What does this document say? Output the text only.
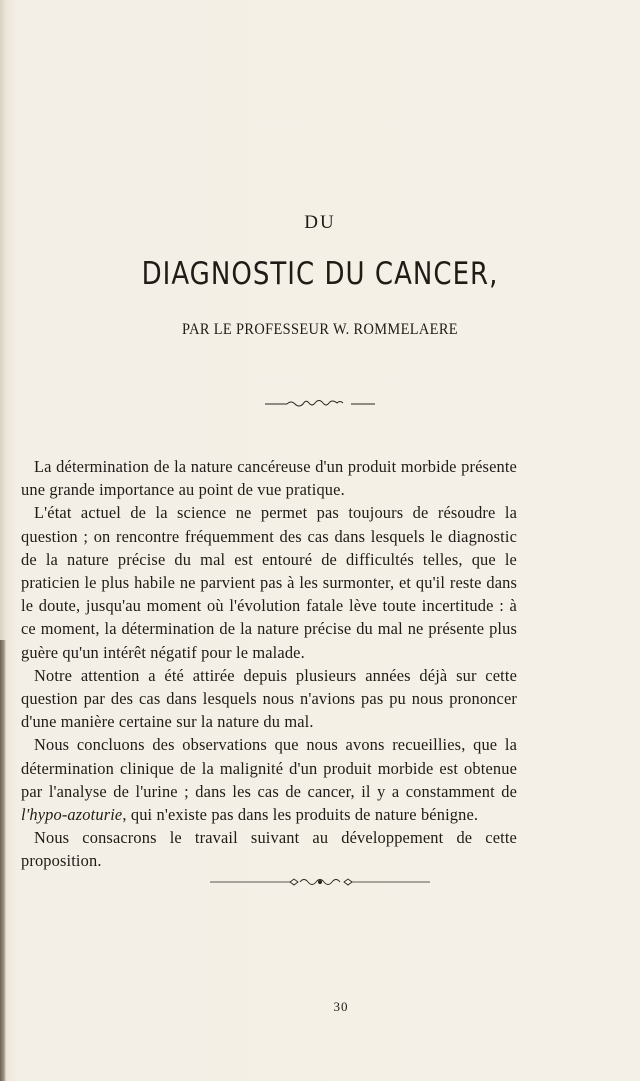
DU
DIAGNOSTIC DU CANCER,
PAR LE PROFESSEUR W. ROMMELAERE

La détermination de la nature cancéreuse d'un produit morbide présente une grande importance au point de vue pratique.

L'état actuel de la science ne permet pas toujours de résoudre la question ; on rencontre fréquemment des cas dans lesquels le diagnostic de la nature précise du mal est entouré de difficultés telles, que le praticien le plus habile ne parvient pas à les surmonter, et qu'il reste dans le doute, jusqu'au moment où l'évolution fatale lève toute incertitude : à ce moment, la détermination de la nature précise du mal ne présente plus guère qu'un intérêt négatif pour le malade.

Notre attention a été attirée depuis plusieurs années déjà sur cette question par des cas dans lesquels nous n'avions pas pu nous prononcer d'une manière certaine sur la nature du mal.

Nous concluons des observations que nous avons recueillies, que la détermination clinique de la malignité d'un produit morbide est obtenue par l'analyse de l'urine ; dans les cas de cancer, il y a constamment de l'hypo-azoturie, qui n'existe pas dans les produits de nature bénigne.

Nous consacrons le travail suivant au développement de cette proposition.

30
